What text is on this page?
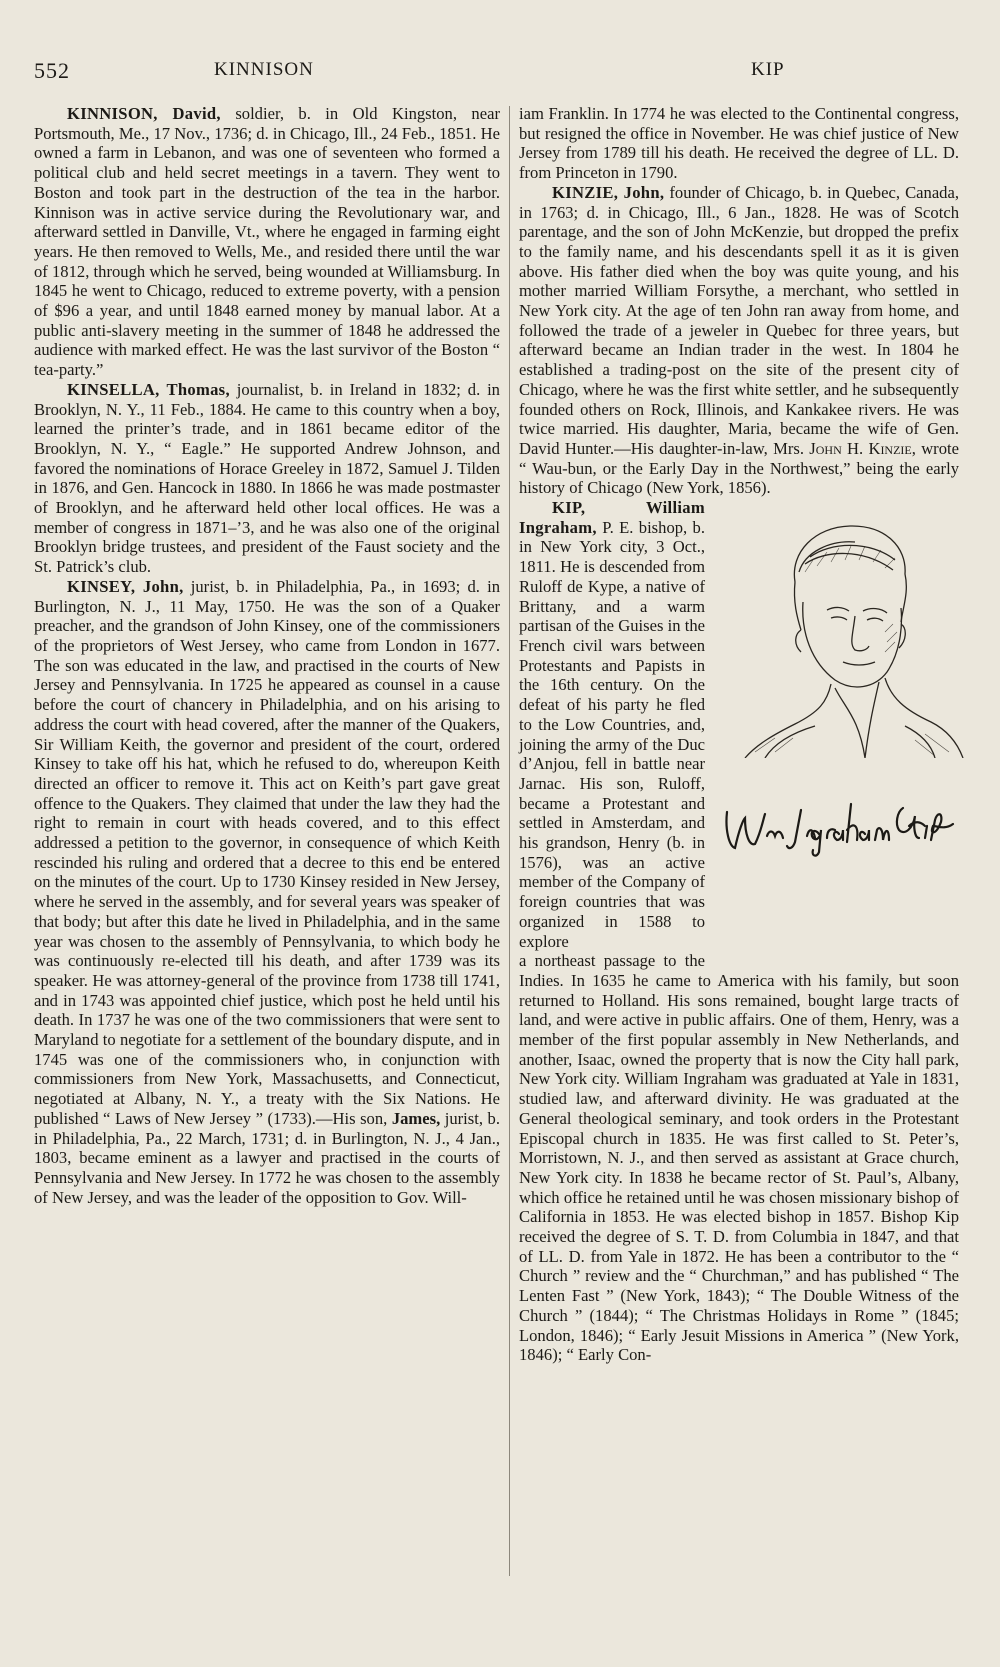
552	KINNISON	KIP

KINNISON, David, soldier, b. in Old Kingston, near Portsmouth, Me., 17 Nov., 1736; d. in Chicago, Ill., 24 Feb., 1851. He owned a farm in Lebanon, and was one of seventeen who formed a political club and held secret meetings in a tavern. They went to Boston and took part in the destruction of the tea in the harbor. Kinnison was in active service during the Revolutionary war, and afterward settled in Danville, Vt., where he engaged in farming eight years. He then removed to Wells, Me., and resided there until the war of 1812, through which he served, being wounded at Williamsburg. In 1845 he went to Chicago, reduced to extreme poverty, with a pension of $96 a year, and until 1848 earned money by manual labor. At a public anti-slavery meeting in the summer of 1848 he addressed the audience with marked effect. He was the last survivor of the Boston “ tea-party.”

KINSELLA, Thomas, journalist, b. in Ireland in 1832; d. in Brooklyn, N. Y., 11 Feb., 1884. He came to this country when a boy, learned the printer’s trade, and in 1861 became editor of the Brooklyn, N. Y., “ Eagle.” He supported Andrew Johnson, and favored the nominations of Horace Greeley in 1872, Samuel J. Tilden in 1876, and Gen. Hancock in 1880. In 1866 he was made postmaster of Brooklyn, and he afterward held other local offices. He was a member of congress in 1871–’3, and he was also one of the original Brooklyn bridge trustees, and president of the Faust society and the St. Patrick’s club.

KINSEY, John, jurist, b. in Philadelphia, Pa., in 1693; d. in Burlington, N. J., 11 May, 1750. He was the son of a Quaker preacher, and the grandson of John Kinsey, one of the commissioners of the proprietors of West Jersey, who came from London in 1677. The son was educated in the law, and practised in the courts of New Jersey and Pennsylvania. In 1725 he appeared as counsel in a cause before the court of chancery in Philadelphia, and on his arising to address the court with head covered, after the manner of the Quakers, Sir William Keith, the governor and president of the court, ordered Kinsey to take off his hat, which he refused to do, whereupon Keith directed an officer to remove it. This act on Keith’s part gave great offence to the Quakers. They claimed that under the law they had the right to remain in court with heads covered, and to this effect addressed a petition to the governor, in consequence of which Keith rescinded his ruling and ordered that a decree to this end be entered on the minutes of the court. Up to 1730 Kinsey resided in New Jersey, where he served in the assembly, and for several years was speaker of that body; but after this date he lived in Philadelphia, and in the same year was chosen to the assembly of Pennsylvania, to which body he was continuously re-elected till his death, and after 1739 was its speaker. He was attorney-general of the province from 1738 till 1741, and in 1743 was appointed chief justice, which post he held until his death. In 1737 he was one of the two commissioners that were sent to Maryland to negotiate for a settlement of the boundary dispute, and in 1745 was one of the commissioners who, in conjunction with commissioners from New York, Massachusetts, and Connecticut, negotiated at Albany, N. Y., a treaty with the Six Nations. He published “ Laws of New Jersey ” (1733).—His son, James, jurist, b. in Philadelphia, Pa., 22 March, 1731; d. in Burlington, N. J., 4 Jan., 1803, became eminent as a lawyer and practised in the courts of Pennsylvania and New Jersey. In 1772 he was chosen to the assembly of New Jersey, and was the leader of the opposition to Gov. Will-

iam Franklin. In 1774 he was elected to the Continental congress, but resigned the office in November. He was chief justice of New Jersey from 1789 till his death. He received the degree of LL. D. from Princeton in 1790.

KINZIE, John, founder of Chicago, b. in Quebec, Canada, in 1763; d. in Chicago, Ill., 6 Jan., 1828. He was of Scotch parentage, and the son of John McKenzie, but dropped the prefix to the family name, and his descendants spell it as it is given above. His father died when the boy was quite young, and his mother married William Forsythe, a merchant, who settled in New York city. At the age of ten John ran away from home, and followed the trade of a jeweler in Quebec for three years, but afterward became an Indian trader in the west. In 1804 he established a trading-post on the site of the present city of Chicago, where he was the first white settler, and he subsequently founded others on Rock, Illinois, and Kankakee rivers. He was twice married. His daughter, Maria, became the wife of Gen. David Hunter.—His daughter-in-law, Mrs. John H. Kinzie, wrote “ Wau-bun, or the Early Day in the Northwest,” being the early history of Chicago (New York, 1856).

KIP, William Ingraham, P. E. bishop, b. in New York city, 3 Oct., 1811. He is descended from Ruloff de Kype, a native of Brittany, and a warm partisan of the Guises in the French civil wars between Protestants and Papists in the 16th century. On the defeat of his party he fled to the Low Countries, and, joining the army of the Duc d’Anjou, fell in battle near Jarnac. His son, Ruloff, became a Protestant and settled in Amsterdam, and his grandson, Henry (b. in 1576), was an active member of the Company of foreign countries that was organized in 1588 to explore

a northeast passage to the Indies. In 1635 he came to America with his family, but soon returned to Holland. His sons remained, bought large tracts of land, and were active in public affairs. One of them, Henry, was a member of the first popular assembly in New Netherlands, and another, Isaac, owned the property that is now the City hall park, New York city. William Ingraham was graduated at Yale in 1831, studied law, and afterward divinity. He was graduated at the General theological seminary, and took orders in the Protestant Episcopal church in 1835. He was first called to St. Peter’s, Morristown, N. J., and then served as assistant at Grace church, New York city. In 1838 he became rector of St. Paul’s, Albany, which office he retained until he was chosen missionary bishop of California in 1853. He was elected bishop in 1857. Bishop Kip received the degree of S. T. D. from Columbia in 1847, and that of LL. D. from Yale in 1872. He has been a contributor to the “ Church ” review and the “ Churchman,” and has published “ The Lenten Fast ” (New York, 1843); “ The Double Witness of the Church ” (1844); “ The Christmas Holidays in Rome ” (1845; London, 1846); “ Early Jesuit Missions in America ” (New York, 1846); “ Early Con-
